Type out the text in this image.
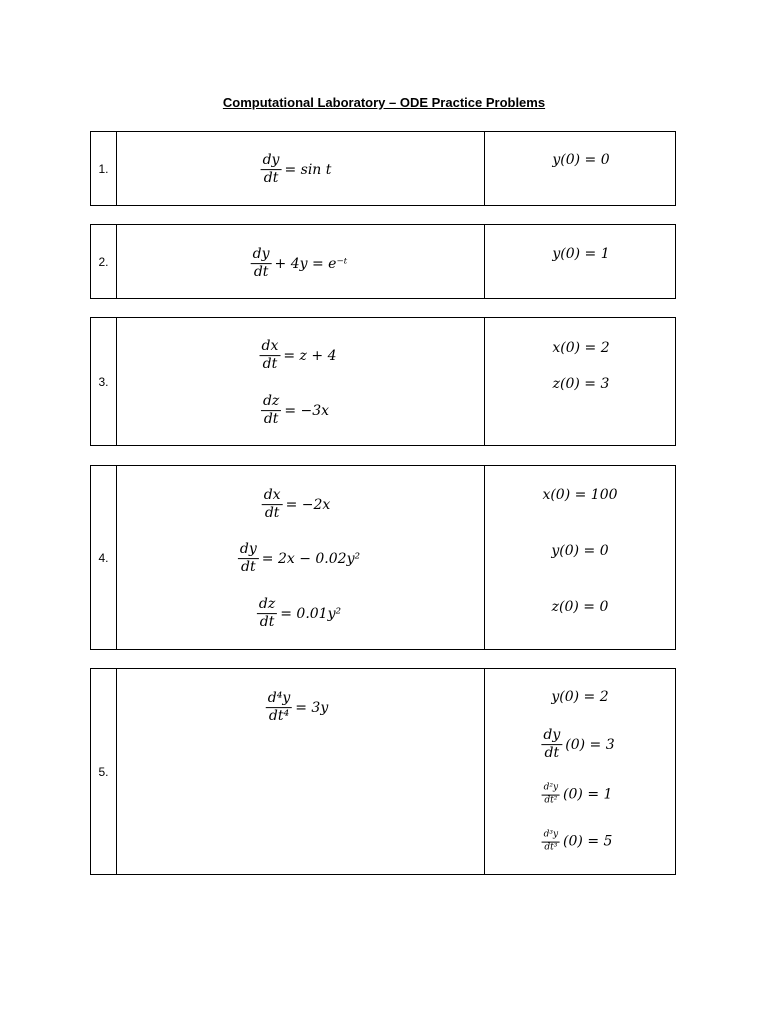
Computational Laboratory – ODE Practice Problems
1.	$\frac{dy}{dt} = \sin t$
y(0) = 0
2.	$\frac{dy}{dt} + 4y$ = e⁻ᵗ
y(0) = 1
3.
$\frac{dx}{dt} = z + 4$
$\frac{dz}{dt} = -3x$
x(0) = 2
z(0) = 3
4.
$\frac{dx}{dt} = -2x$
$\frac{dy}{dt} = 2x - 0.02y^2$
$\frac{dz}{dt} = 0.01y^2$
x(0) = 100
y(0) = 0
z(0) = 0
5.
$\frac{\text{d⁴y}}{\text{dt⁴}} = 3y$
y(0) = 2
$\frac{dy}{dt} (0) = 3$
$\frac{\text{d²y}}{\text{dt²}} (0) = 1$
$\frac{\text{d³y}}{\text{dt³}} (0) = 5$
